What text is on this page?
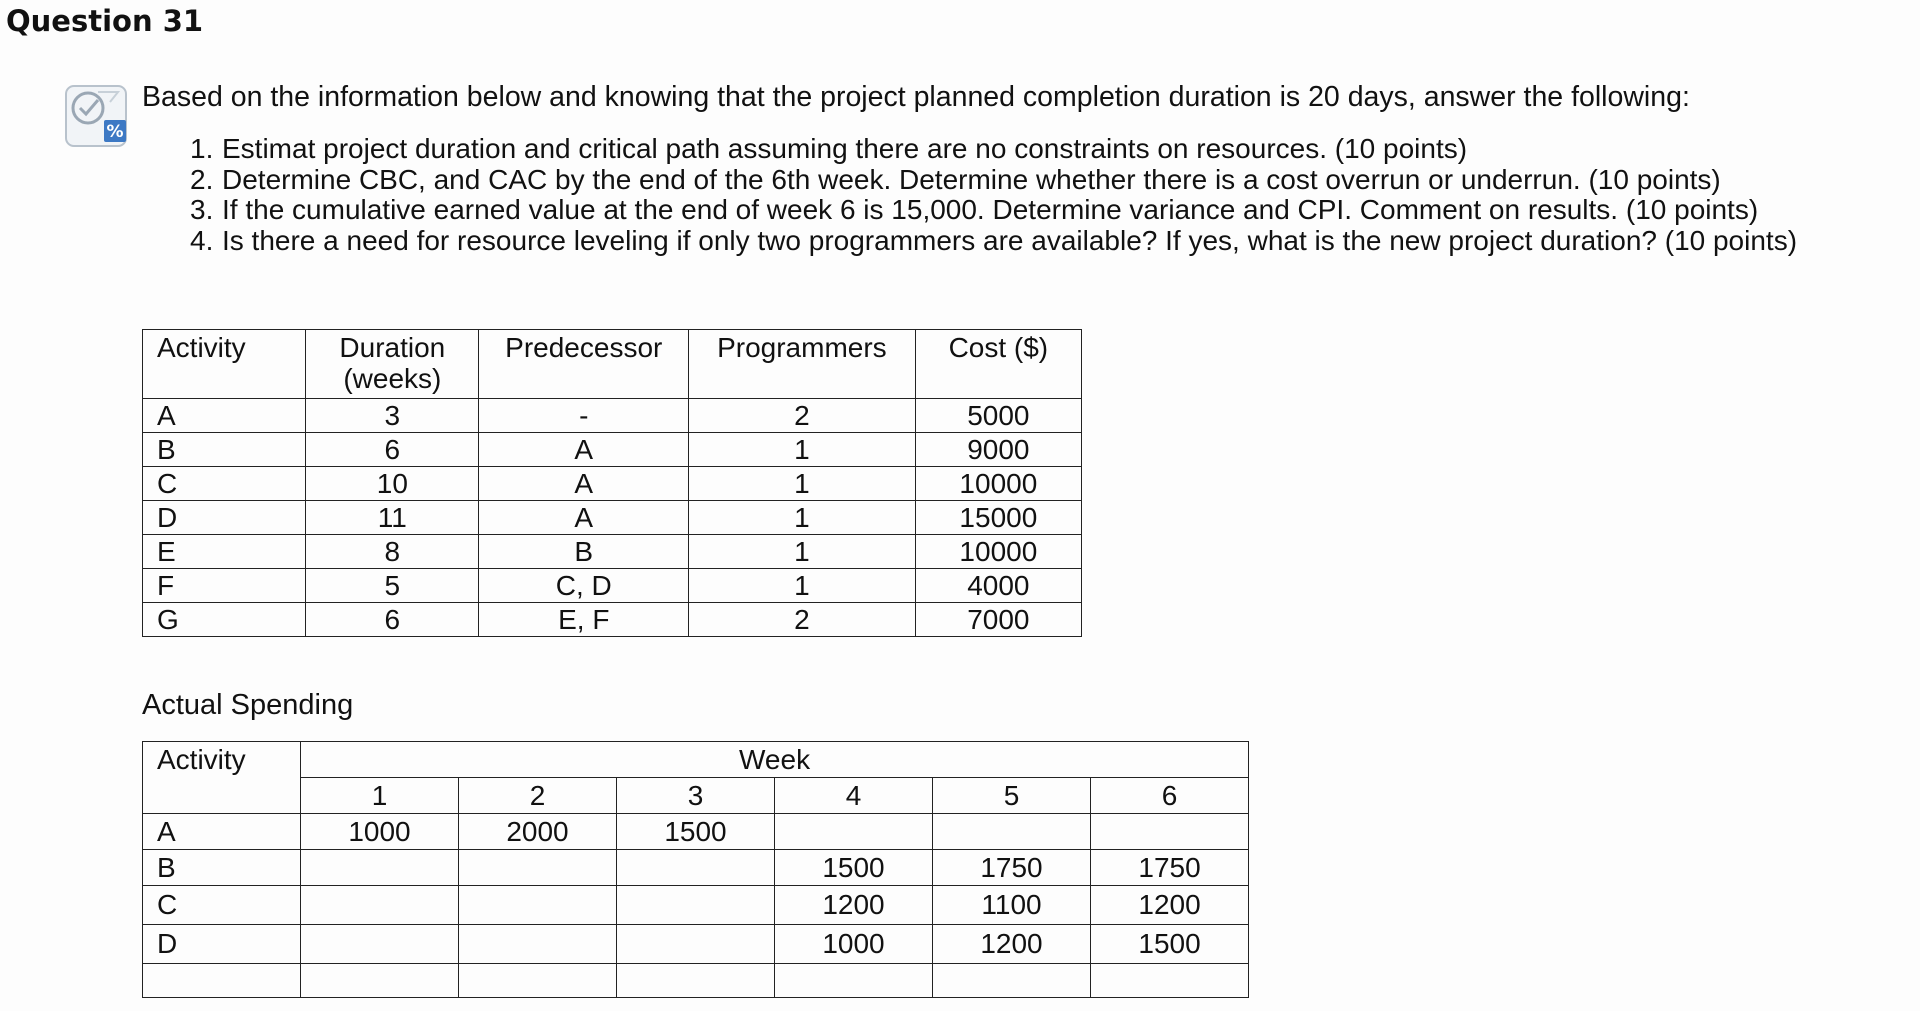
Question 31
%
Based on the information below and knowing that the project planned completion duration is 20 days, answer the following:
1. Estimat project duration and critical path assuming there are no constraints on resources. (10 points)
2. Determine CBC, and CAC by the end of the 6th week. Determine whether there is a cost overrun or underrun. (10 points)
3. If the cumulative earned value at the end of week 6 is 15,000. Determine variance and CPI. Comment on results. (10 points)
4. Is there a need for resource leveling if only two programmers are available? If yes, what is the new project duration? (10 points)
Activity	Duration
(weeks)	Predecessor	Programmers	Cost ($)
A	3	-	2	5000
B	6	A	1	9000
C	10	A	1	10000
D	11	A	1	15000
E	8	B	1	10000
F	5	C, D	1	4000
G	6	E, F	2	7000
Actual Spending
Activity	Week					
	1	2	3	4	5	6
A	1000	2000	1500			
B				1500	1750	1750
C				1200	1100	1200
D				1000	1200	1500
